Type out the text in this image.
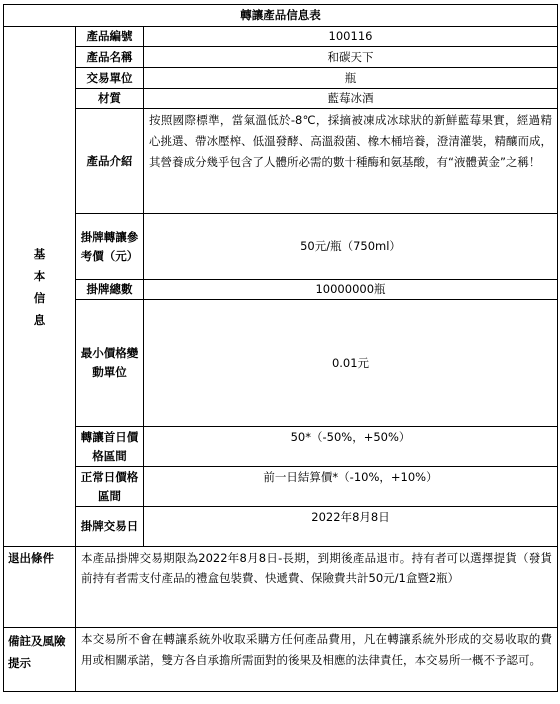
轉讓產品信息表		

基
本
信
息	產品編號	100116
	產品名稱	和碳天下
	交易單位	瓶
	材質	藍莓冰酒
	產品介紹	按照國際標準，當氣溫低於-8℃，採摘被凍成冰球狀的新鮮藍莓果實，經過精心挑選、帶冰壓榨、低溫發酵、高溫殺菌、橡木桶培養，澄清灌裝，精釀而成，其營養成分幾乎包含了人體所必需的數十種酶和氨基酸，有“液體黃金”之稱！
	掛牌轉讓參考價（元）	50元/瓶（750ml）
	掛牌總數	10000000瓶
	最小價格變動單位	0.01元
	轉讓首日價格區間	50*（-50%，+50%）
	正常日價格區間	前一日結算價*（-10%，+10%）
	掛牌交易日	2022年8月8日
退出條件	本產品掛牌交易期限為2022年8月8日-長期，到期後產品退市。持有者可以選擇提貨（發貨前持有者需支付產品的禮盒包裝費、快遞費、保險費共計50元/1盒暨2瓶）	
備註及風險提示	本交易所不會在轉讓系統外收取采購方任何產品費用，凡在轉讓系統外形成的交易收取的費用或相關承諾，雙方各自承擔所需面對的後果及相應的法律責任，本交易所一概不予認可。	
